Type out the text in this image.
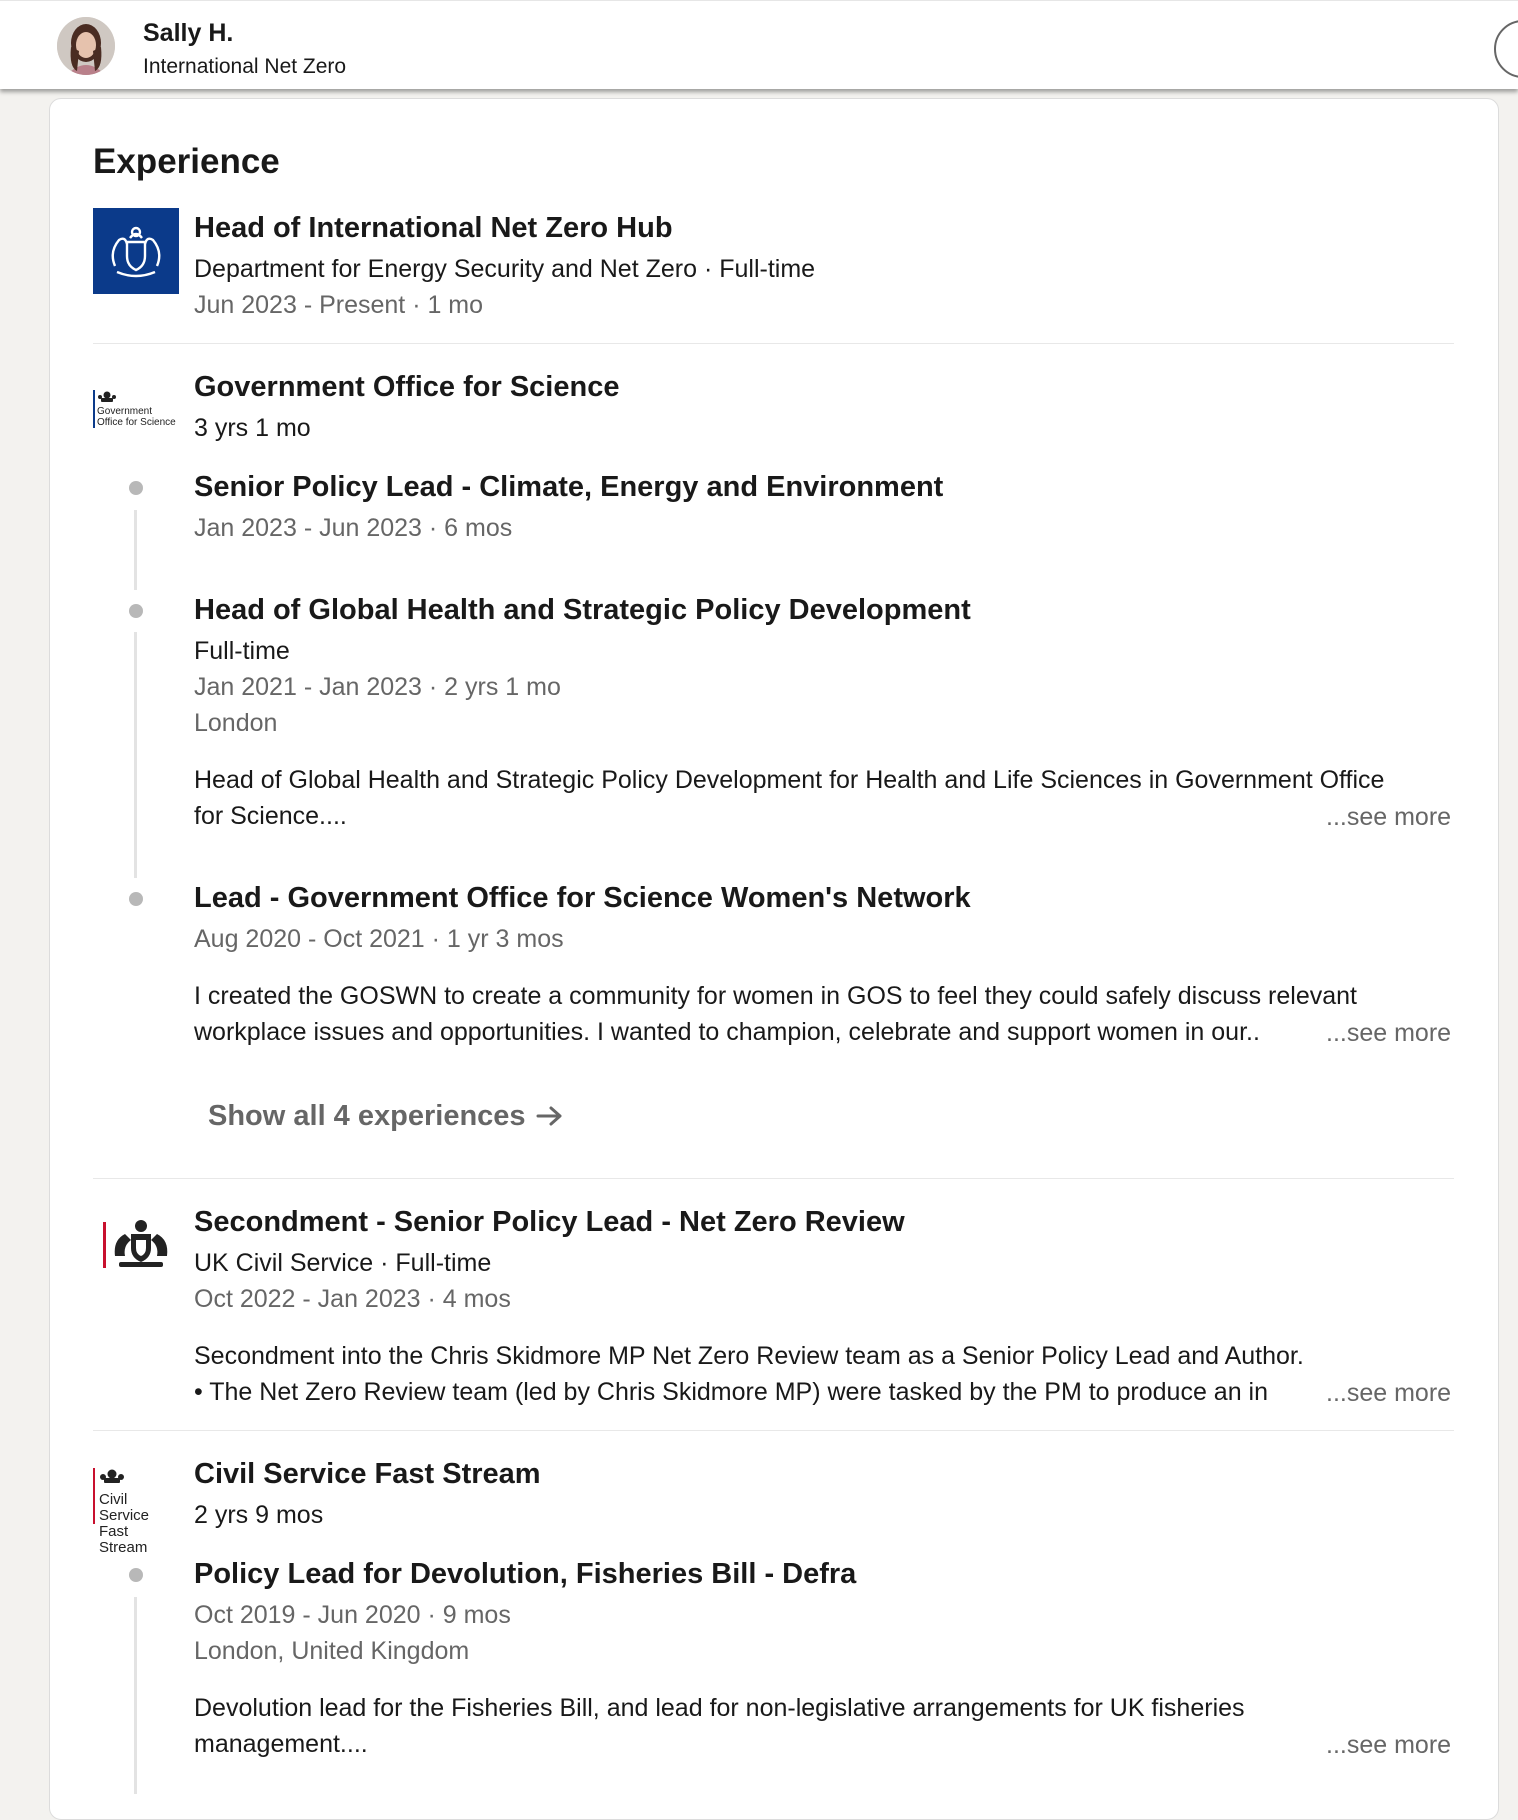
Sally H.
International Net Zero
Experience
Head of International Net Zero Hub
Department for Energy Security and Net Zero · Full-time
Jun 2023 - Present · 1 mo
Government
Office for Science
Government Office for Science
3 yrs 1 mo
Senior Policy Lead - Climate, Energy and Environment
Jan 2023 - Jun 2023 · 6 mos
Head of Global Health and Strategic Policy Development
Full-time
Jan 2021 - Jan 2023 · 2 yrs 1 mo
London
Head of Global Health and Strategic Policy Development for Health and Life Sciences in Government Office
for Science....	...see more
Lead - Government Office for Science Women's Network
Aug 2020 - Oct 2021 · 1 yr 3 mos
I created the GOSWN to create a community for women in GOS to feel they could safely discuss relevant
workplace issues and opportunities. I wanted to champion, celebrate and support women in our..	...see more
Show all 4 experiences
Secondment - Senior Policy Lead - Net Zero Review
UK Civil Service · Full-time
Oct 2022 - Jan 2023 · 4 mos
Secondment into the Chris Skidmore MP Net Zero Review team as a Senior Policy Lead and Author.
• The Net Zero Review team (led by Chris Skidmore MP) were tasked by the PM to produce an in	...see more
Civil Service
Fast Stream
Civil Service Fast Stream
2 yrs 9 mos
Policy Lead for Devolution, Fisheries Bill - Defra
Oct 2019 - Jun 2020 · 9 mos
London, United Kingdom
Devolution lead for the Fisheries Bill, and lead for non-legislative arrangements for UK fisheries
management....	...see more
